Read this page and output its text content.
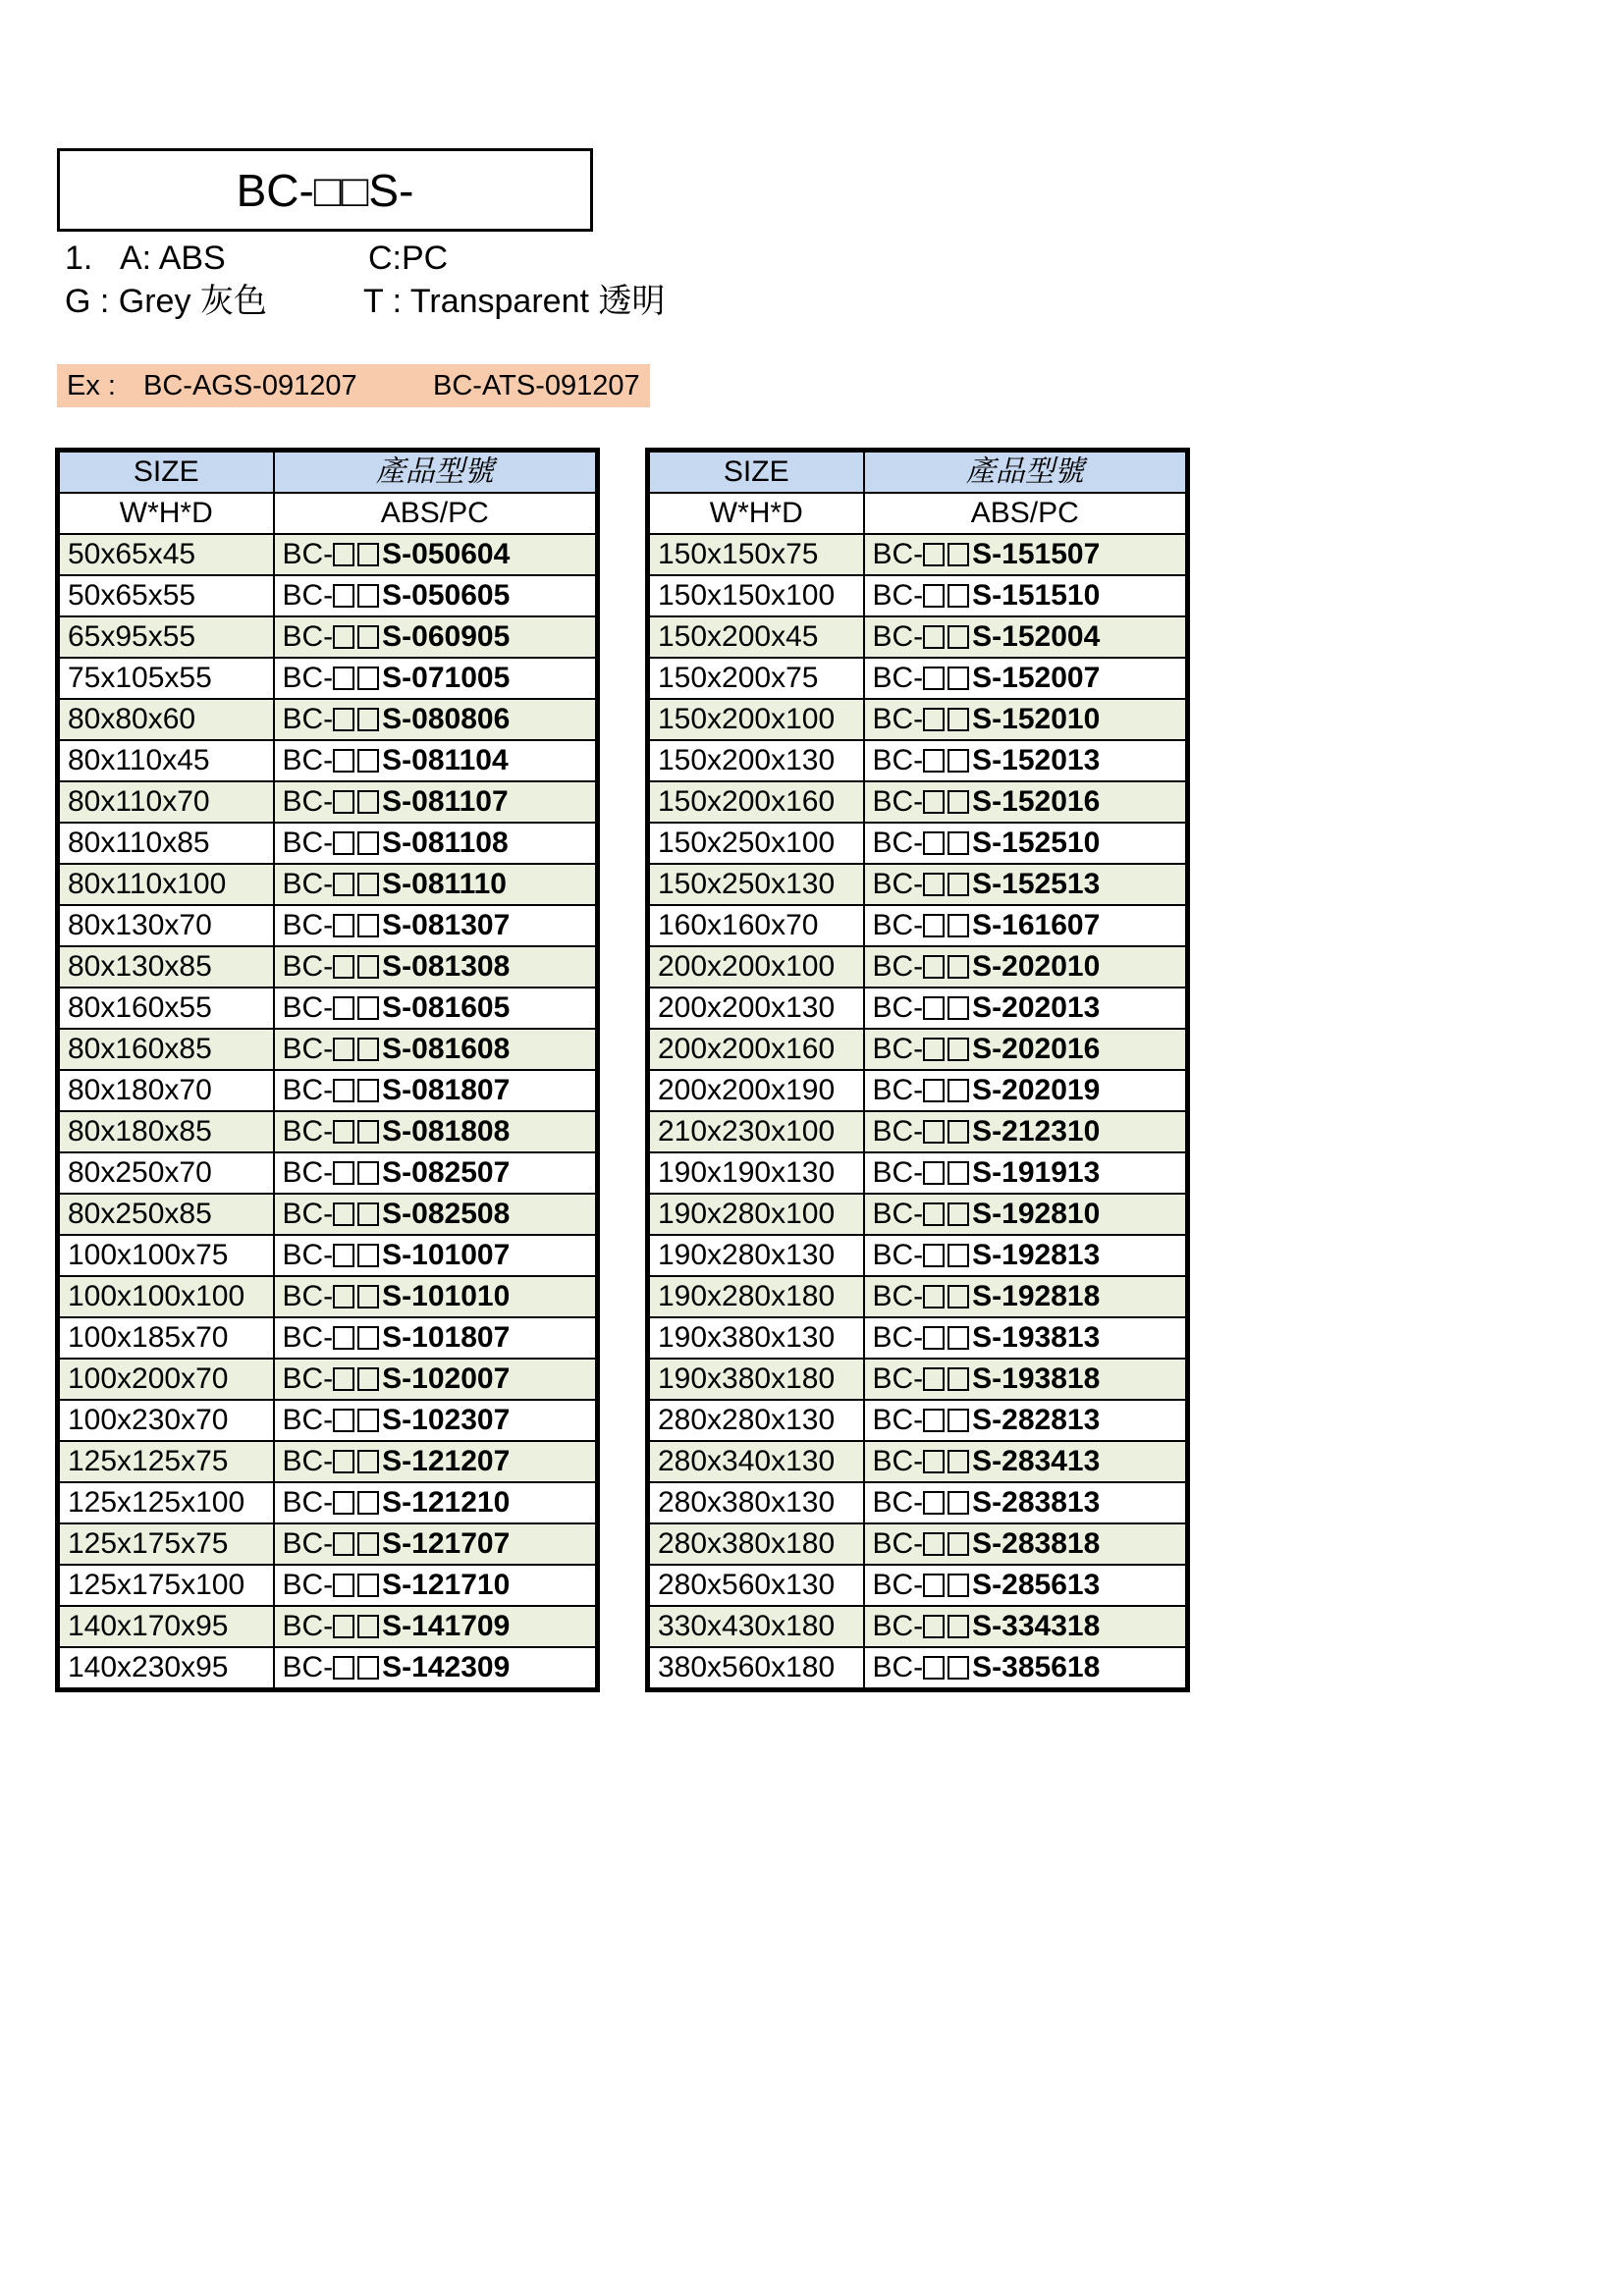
BC-□□S-
1. A: ABS	C:PC
G : Grey 灰色	T : Transparent 透明
Ex : BC-AGS-091207	BC-ATS-091207
SIZE	產品型號
W*H*D	ABS/PC
50x65x45	BC- S-050604
50x65x55	BC- S-050605
65x95x55	BC- S-060905
75x105x55	BC- S-071005
80x80x60	BC- S-080806
80x110x45	BC- S-081104
80x110x70	BC- S-081107
80x110x85	BC- S-081108
80x110x100	BC- S-081110
80x130x70	BC- S-081307
80x130x85	BC- S-081308
80x160x55	BC- S-081605
80x160x85	BC- S-081608
80x180x70	BC- S-081807
80x180x85	BC- S-081808
80x250x70	BC- S-082507
80x250x85	BC- S-082508
100x100x75	BC- S-101007
100x100x100	BC- S-101010
100x185x70	BC- S-101807
100x200x70	BC- S-102007
100x230x70	BC- S-102307
125x125x75	BC- S-121207
125x125x100	BC- S-121210
125x175x75	BC- S-121707
125x175x100	BC- S-121710
140x170x95	BC- S-141709
140x230x95	BC- S-142309
SIZE	產品型號
W*H*D	ABS/PC
150x150x75	BC- S-151507
150x150x100	BC- S-151510
150x200x45	BC- S-152004
150x200x75	BC- S-152007
150x200x100	BC- S-152010
150x200x130	BC- S-152013
150x200x160	BC- S-152016
150x250x100	BC- S-152510
150x250x130	BC- S-152513
160x160x70	BC- S-161607
200x200x100	BC- S-202010
200x200x130	BC- S-202013
200x200x160	BC- S-202016
200x200x190	BC- S-202019
210x230x100	BC- S-212310
190x190x130	BC- S-191913
190x280x100	BC- S-192810
190x280x130	BC- S-192813
190x280x180	BC- S-192818
190x380x130	BC- S-193813
190x380x180	BC- S-193818
280x280x130	BC- S-282813
280x340x130	BC- S-283413
280x380x130	BC- S-283813
280x380x180	BC- S-283818
280x560x130	BC- S-285613
330x430x180	BC- S-334318
380x560x180	BC- S-385618
